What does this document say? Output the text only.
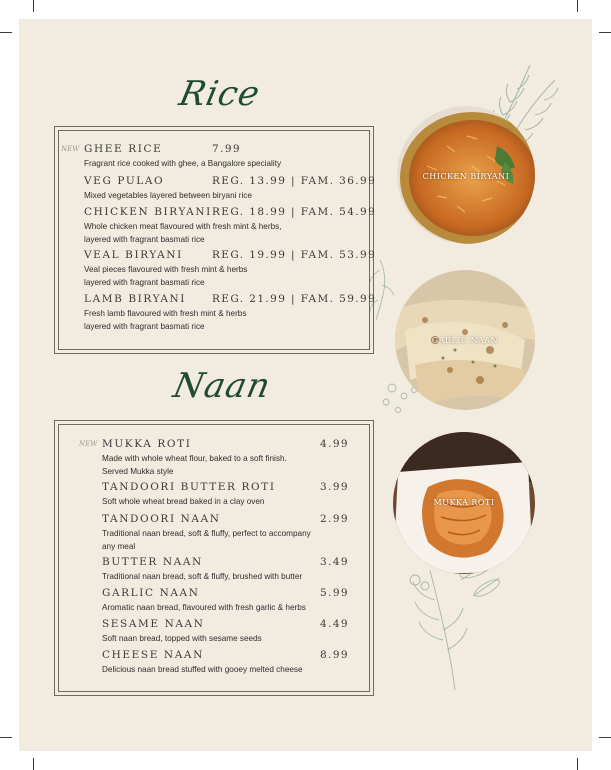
Rice
GHEE RICE	7.99
NEW
Fragrant rice cooked with ghee, a Bangalore speciality
VEG PULAO	REG. 13.99 | FAM. 36.99
Mixed vegetables layered between biryani rice
CHICKEN BIRYANI REG. 18.99 | FAM. 54.99
Whole chicken meat flavoured with fresh mint & herbs,
layered with fragrant basmati rice
VEAL BIRYANI	REG. 19.99 | FAM. 53.99
Veal pieces flavoured with fresh mint & herbs
layered with fragrant basmati rice
LAMB BIRYANI REG. 21.99 | FAM. 59.99
Fresh lamb flavoured with fresh mint & herbs
layered with fragrant basmati rice
Naan
MUKKA ROTI	4.99
NEW
Made with whole wheat flour, baked to a soft finish.
Served Mukka style
TANDOORI BUTTER ROTI	3.99
Soft whole wheat bread baked in a clay oven
TANDOORI NAAN	2.99
Traditional naan bread, soft & fluffy, perfect to accompany
any meal
BUTTER NAAN	3.49
Traditional naan bread, soft & fluffy, brushed with butter
GARLIC NAAN	5.99
Aromatic naan bread, flavoured with fresh garlic & herbs
SESAME NAAN	4.49
Soft naan bread, topped with sesame seeds
CHEESE NAAN	8.99
Delicious naan bread stuffed with gooey melted cheese
CHICKEN BIRYANI
GARLIC NAAN
MUKKA ROTI
